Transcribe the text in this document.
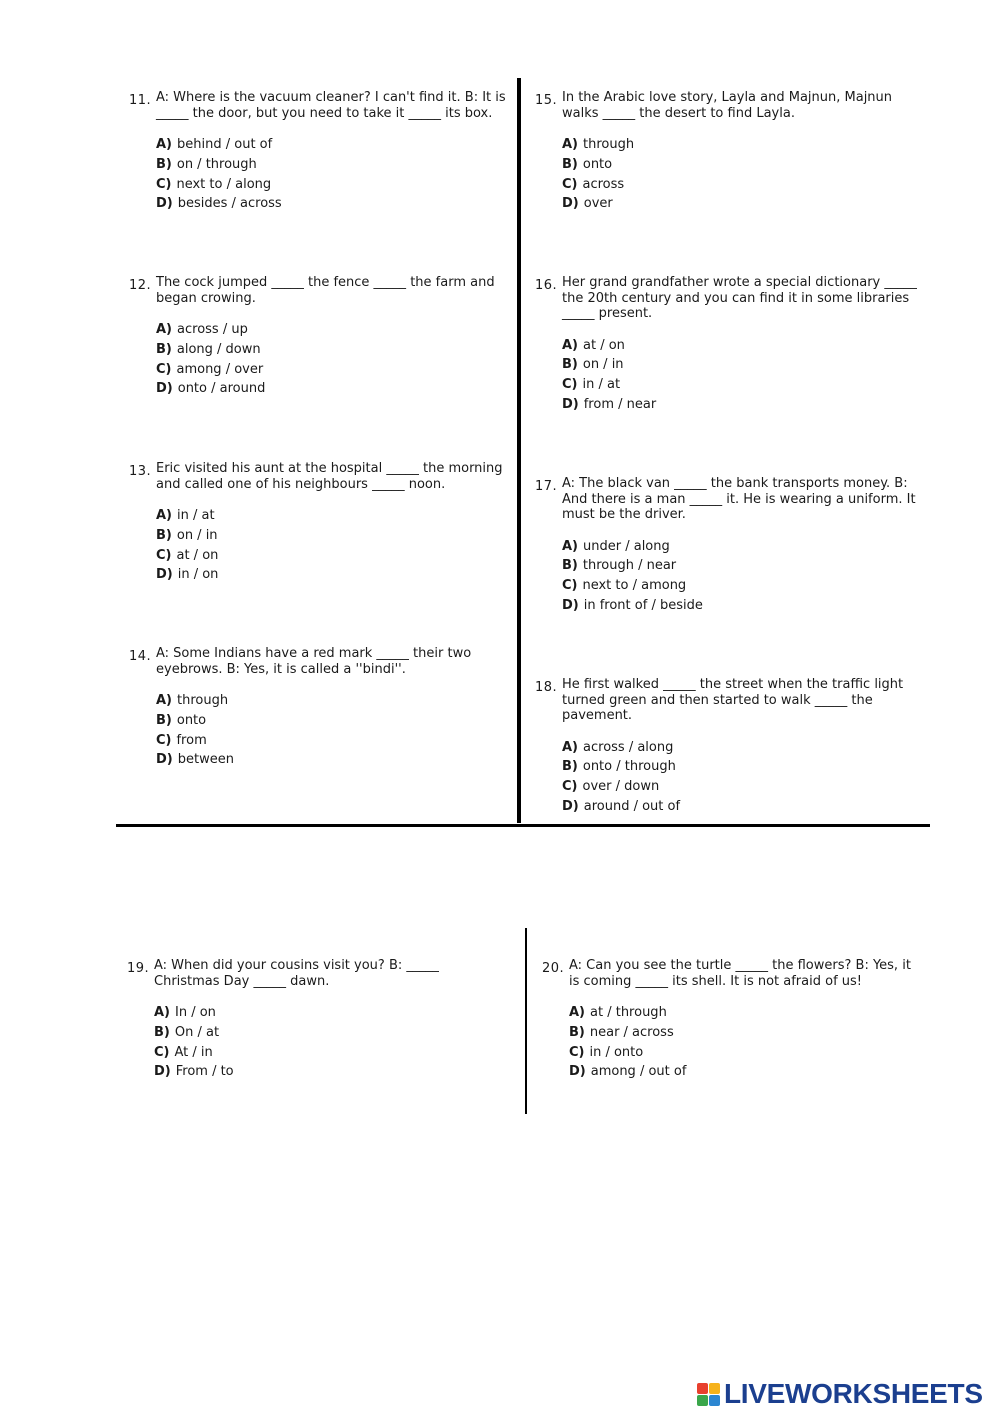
11. A: Where is the vacuum cleaner? I can't find it. B: It is _____ the door, but you need to take it _____ its box.

A) behind / out of
B) on / through
C) next to / along
D) besides / across
12. The cock jumped _____ the fence _____ the farm and began crowing.

A) across / up
B) along / down
C) among / over
D) onto / around
13. Eric visited his aunt at the hospital _____ the morning and called one of his neighbours _____ noon.

A) in / at
B) on / in
C) at / on
D) in / on
14. A: Some Indians have a red mark _____ their two eyebrows. B: Yes, it is called a ''bindi''.

A) through
B) onto
C) from
D) between
15. In the Arabic love story, Layla and Majnun, Majnun walks _____ the desert to find Layla.

A) through
B) onto
C) across
D) over
16. Her grand grandfather wrote a special dictionary _____ the 20th century and you can find it in some libraries _____ present.

A) at / on
B) on / in
C) in / at
D) from / near
17. A: The black van _____ the bank transports money. B: And there is a man _____ it. He is wearing a uniform. It must be the driver.

A) under / along
B) through / near
C) next to / among
D) in front of / beside
18. He first walked _____ the street when the traffic light turned green and then started to walk _____ the pavement.

A) across / along
B) onto / through
C) over / down
D) around / out of
19. A: When did your cousins visit you? B: _____ Christmas Day _____ dawn.

A) In / on
B) On / at
C) At / in
D) From / to
20. A: Can you see the turtle _____ the flowers? B: Yes, it is coming _____ its shell. It is not afraid of us!

A) at / through
B) near / across
C) in / onto
D) among / out of
LIVEWORKSHEETS
